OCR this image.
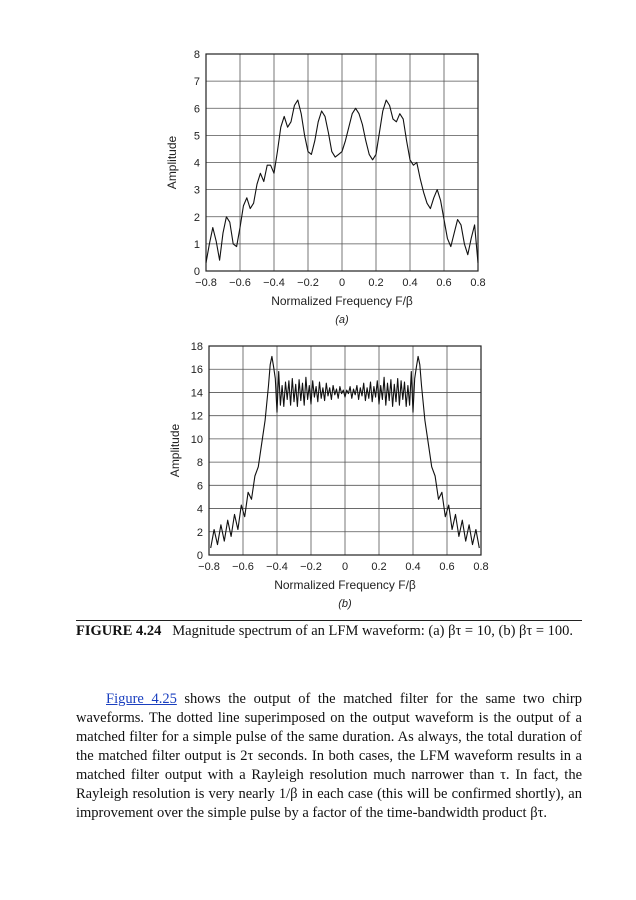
0
1
2
3
4
5
6
7
8
−0.8 −0.6 −0.4 −0.2 0 0.2 0.4 0.6 0.8
Normalized Frequency F/β
(a)
Amplitude
0
2
4
6
8
10
12
14
16
18
−0.8 −0.6 −0.4 −0.2 0 0.2 0.4 0.6 0.8
Normalized Frequency F/β
(b)
Amplitude
FIGURE 4.24 Magnitude spectrum of an LFM waveform: (a) βτ = 10, (b) βτ = 100.

Figure 4.25 shows the output of the matched filter for the same two chirp waveforms. The dotted line superimposed on the output waveform is the output of a matched filter for a simple pulse of the same duration. As always, the total duration of the matched filter output is 2τ seconds. In both cases, the LFM waveform results in a matched filter output with a Rayleigh resolution much narrower than τ. In fact, the Rayleigh resolution is very nearly 1/β in each case (this will be confirmed shortly), an improvement over the simple pulse by a factor of the time-bandwidth product βτ.
